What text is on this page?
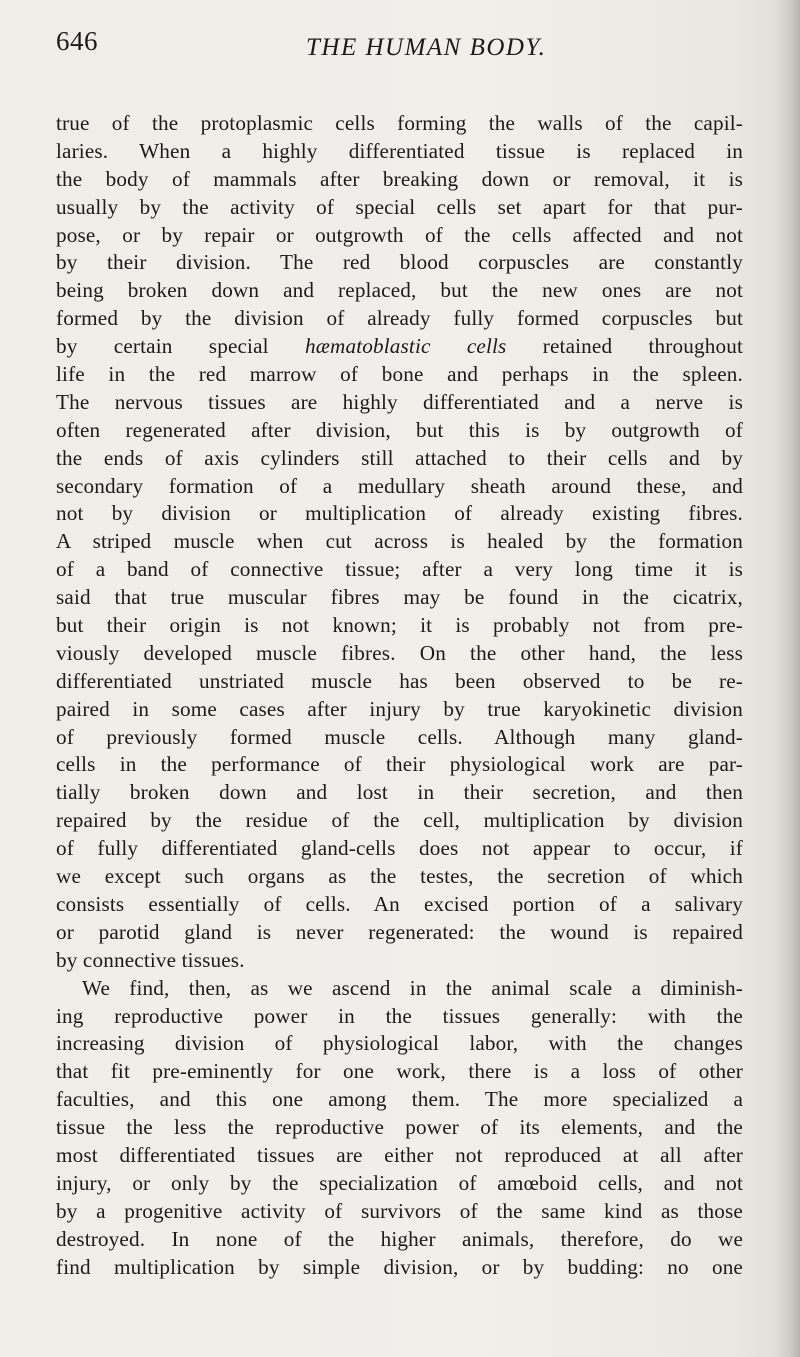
646	THE HUMAN BODY.
true of the protoplasmic cells forming the walls of the capil-
laries. When a highly differentiated tissue is replaced in
the body of mammals after breaking down or removal, it is
usually by the activity of special cells set apart for that pur-
pose, or by repair or outgrowth of the cells affected and not
by their division. The red blood corpuscles are constantly
being broken down and replaced, but the new ones are not
formed by the division of already fully formed corpuscles but
by certain special hæmatoblastic cells retained throughout
life in the red marrow of bone and perhaps in the spleen.
The nervous tissues are highly differentiated and a nerve is
often regenerated after division, but this is by outgrowth of
the ends of axis cylinders still attached to their cells and by
secondary formation of a medullary sheath around these, and
not by division or multiplication of already existing fibres.
A striped muscle when cut across is healed by the formation
of a band of connective tissue; after a very long time it is
said that true muscular fibres may be found in the cicatrix,
but their origin is not known; it is probably not from pre-
viously developed muscle fibres. On the other hand, the less
differentiated unstriated muscle has been observed to be re-
paired in some cases after injury by true karyokinetic division
of previously formed muscle cells. Although many gland-
cells in the performance of their physiological work are par-
tially broken down and lost in their secretion, and then
repaired by the residue of the cell, multiplication by division
of fully differentiated gland-cells does not appear to occur, if
we except such organs as the testes, the secretion of which
consists essentially of cells. An excised portion of a salivary
or parotid gland is never regenerated: the wound is repaired
by connective tissues.
We find, then, as we ascend in the animal scale a diminish-
ing reproductive power in the tissues generally: with the
increasing division of physiological labor, with the changes
that fit pre-eminently for one work, there is a loss of other
faculties, and this one among them. The more specialized a
tissue the less the reproductive power of its elements, and the
most differentiated tissues are either not reproduced at all after
injury, or only by the specialization of amœboid cells, and not
by a progenitive activity of survivors of the same kind as those
destroyed. In none of the higher animals, therefore, do we
find multiplication by simple division, or by budding: no one
